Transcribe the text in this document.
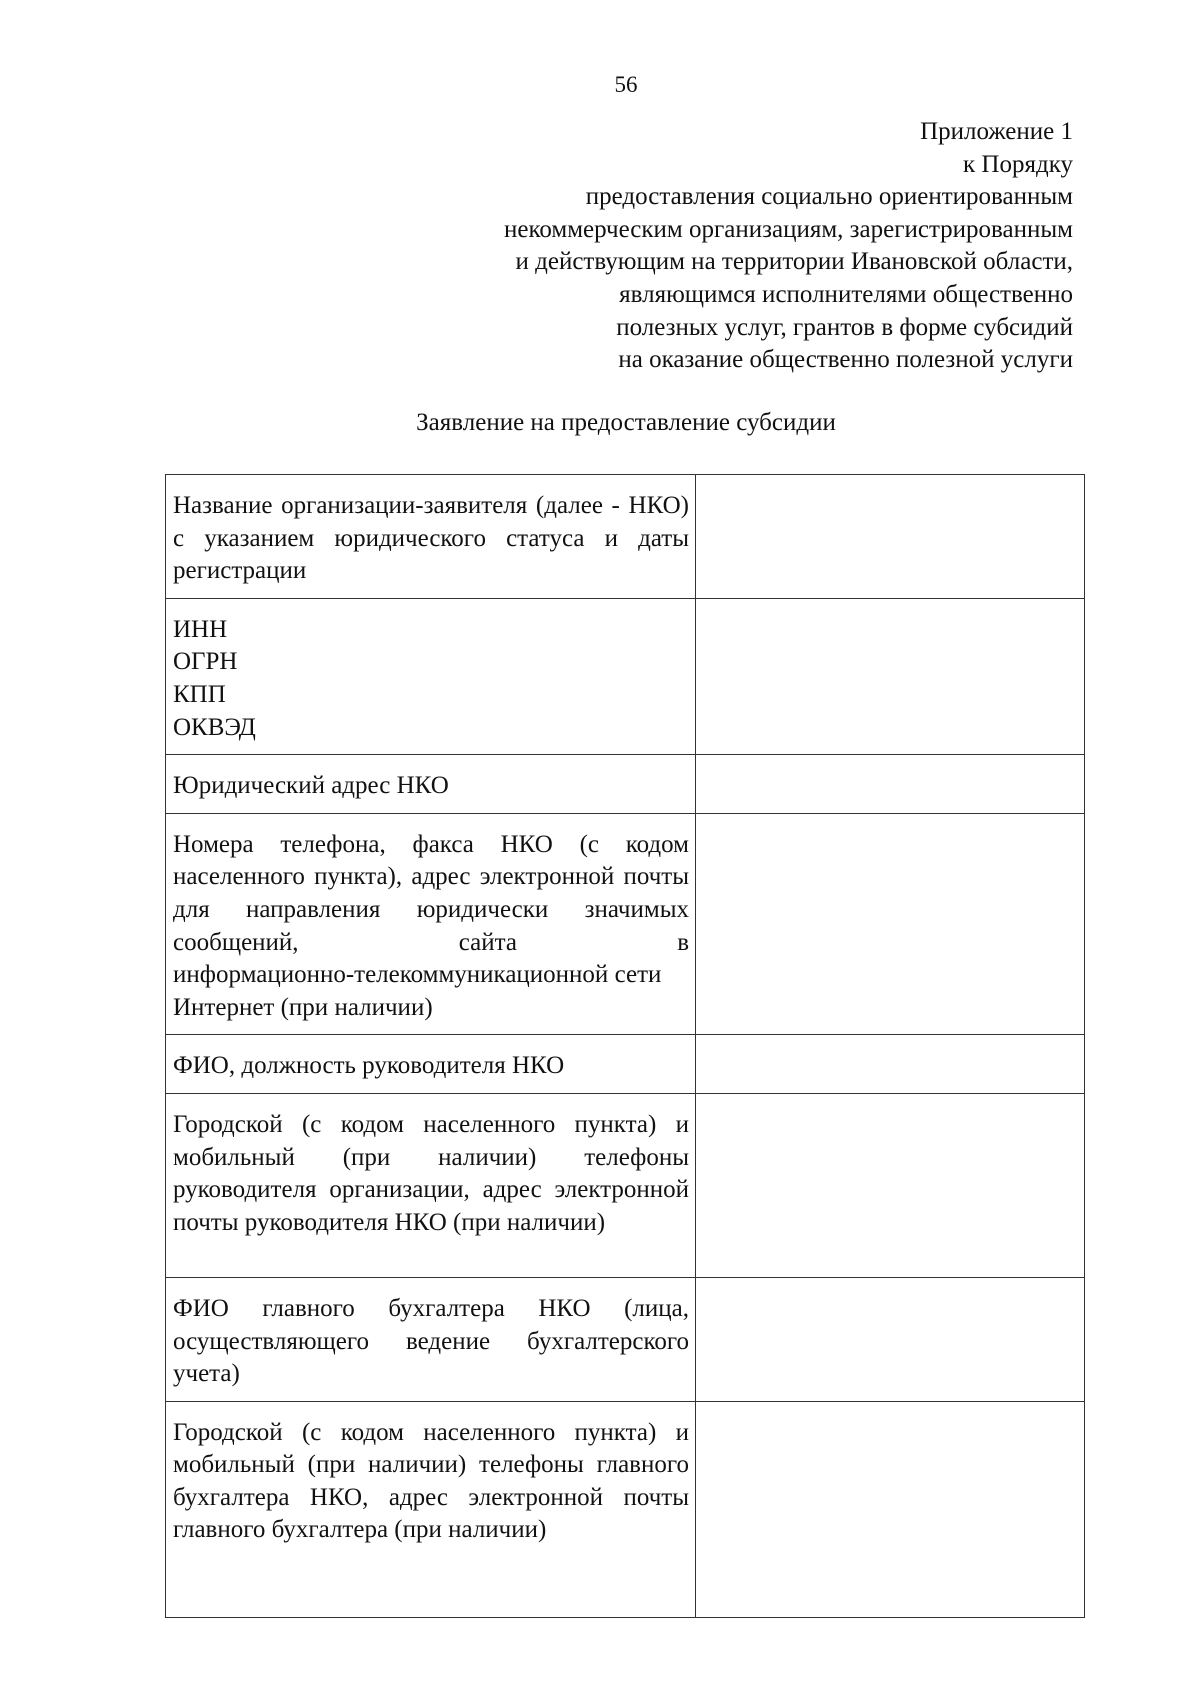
56
Приложение 1
к Порядку
предоставления социально ориентированным
некоммерческим организациям, зарегистрированным
и действующим на территории Ивановской области,
являющимся исполнителями общественно
полезных услуг, грантов в форме субсидий
на оказание общественно полезной услуги
Заявление на предоставление субсидии
Название организации-заявителя (далее - НКО) с указанием юридического статуса и даты регистрации	

ИНН
ОГРН
КПП
ОКВЭД	

Юридический адрес НКО	

Номера телефона, факса НКО (с кодом населенного пункта), адрес электронной почты для направления юридически значимых сообщений, сайта в
информационно-телекоммуникационной сети Интернет (при наличии)	

ФИО, должность руководителя НКО	
Городской (с кодом населенного пункта) и мобильный (при наличии) телефоны руководителя организации, адрес электронной почты руководителя НКО (при наличии)	
ФИО главного бухгалтера НКО (лица, осуществляющего ведение бухгалтерского учета)	
Городской (с кодом населенного пункта) и мобильный (при наличии) телефоны главного бухгалтера НКО, адрес электронной почты главного бухгалтера (при наличии)	
